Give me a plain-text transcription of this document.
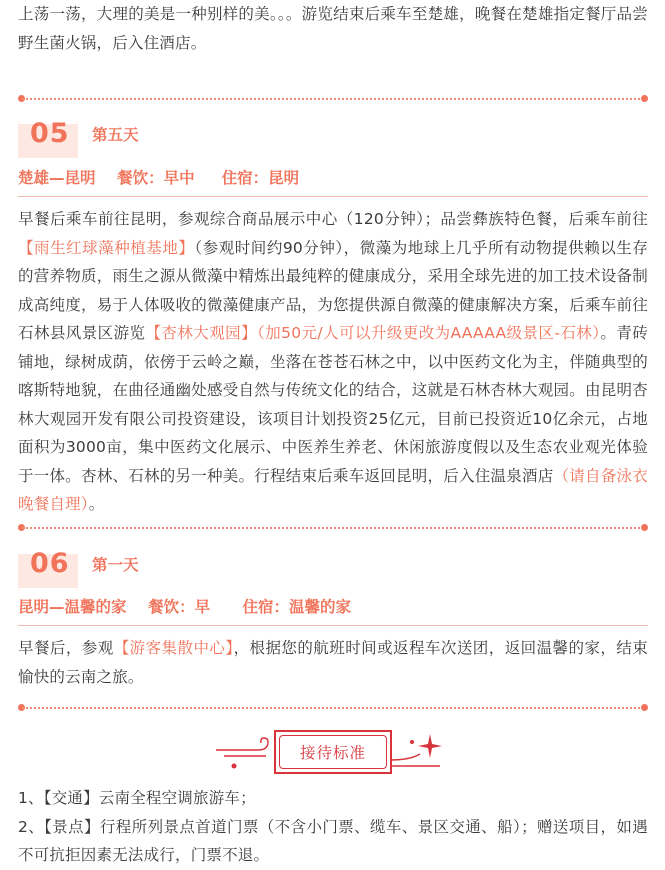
上荡一荡，大理的美是一种别样的美。。。游览结束后乘车至楚雄，晚餐在楚雄指定餐厅品尝野生菌火锅，后入住酒店。

05 第五天
楚雄—昆明    餐饮：早中     住宿：昆明

早餐后乘车前往昆明，参观综合商品展示中心（120分钟）；品尝彝族特色餐，后乘车前往【雨生红球藻种植基地】（参观时间约90分钟），微藻为地球上几乎所有动物提供赖以生存的营养物质，雨生之源从微藻中精炼出最纯粹的健康成分，采用全球先进的加工技术设备制成高纯度，易于人体吸收的微藻健康产品，为您提供源自微藻的健康解决方案，后乘车前往石林县风景区游览【杏林大观园】（加50元/人可以升级更改为AAAAA级景区-石林）。青砖铺地，绿树成荫，依傍于云岭之巅，坐落在苍苍石林之中，以中医药文化为主，伴随典型的喀斯特地貌，在曲径通幽处感受自然与传统文化的结合，这就是石林杏林大观园。由昆明杏林大观园开发有限公司投资建设，该项目计划投资25亿元，目前已投资近10亿余元，占地面积为3000亩，集中医药文化展示、中医养生养老、休闲旅游度假以及生态农业观光体验于一体。杏林、石林的另一种美。行程结束后乘车返回昆明，后入住温泉酒店（请自备泳衣晚餐自理）。

06 第一天
昆明—温馨的家    餐饮：早      住宿：温馨的家

早餐后，参观【游客集散中心】，根据您的航班时间或返程车次送团，返回温馨的家，结束愉快的云南之旅。

接待标准

1、【交通】云南全程空调旅游车；

2、【景点】行程所列景点首道门票（不含小门票、缆车、景区交通、船）；赠送项目，如遇不可抗拒因素无法成行，门票不退。
